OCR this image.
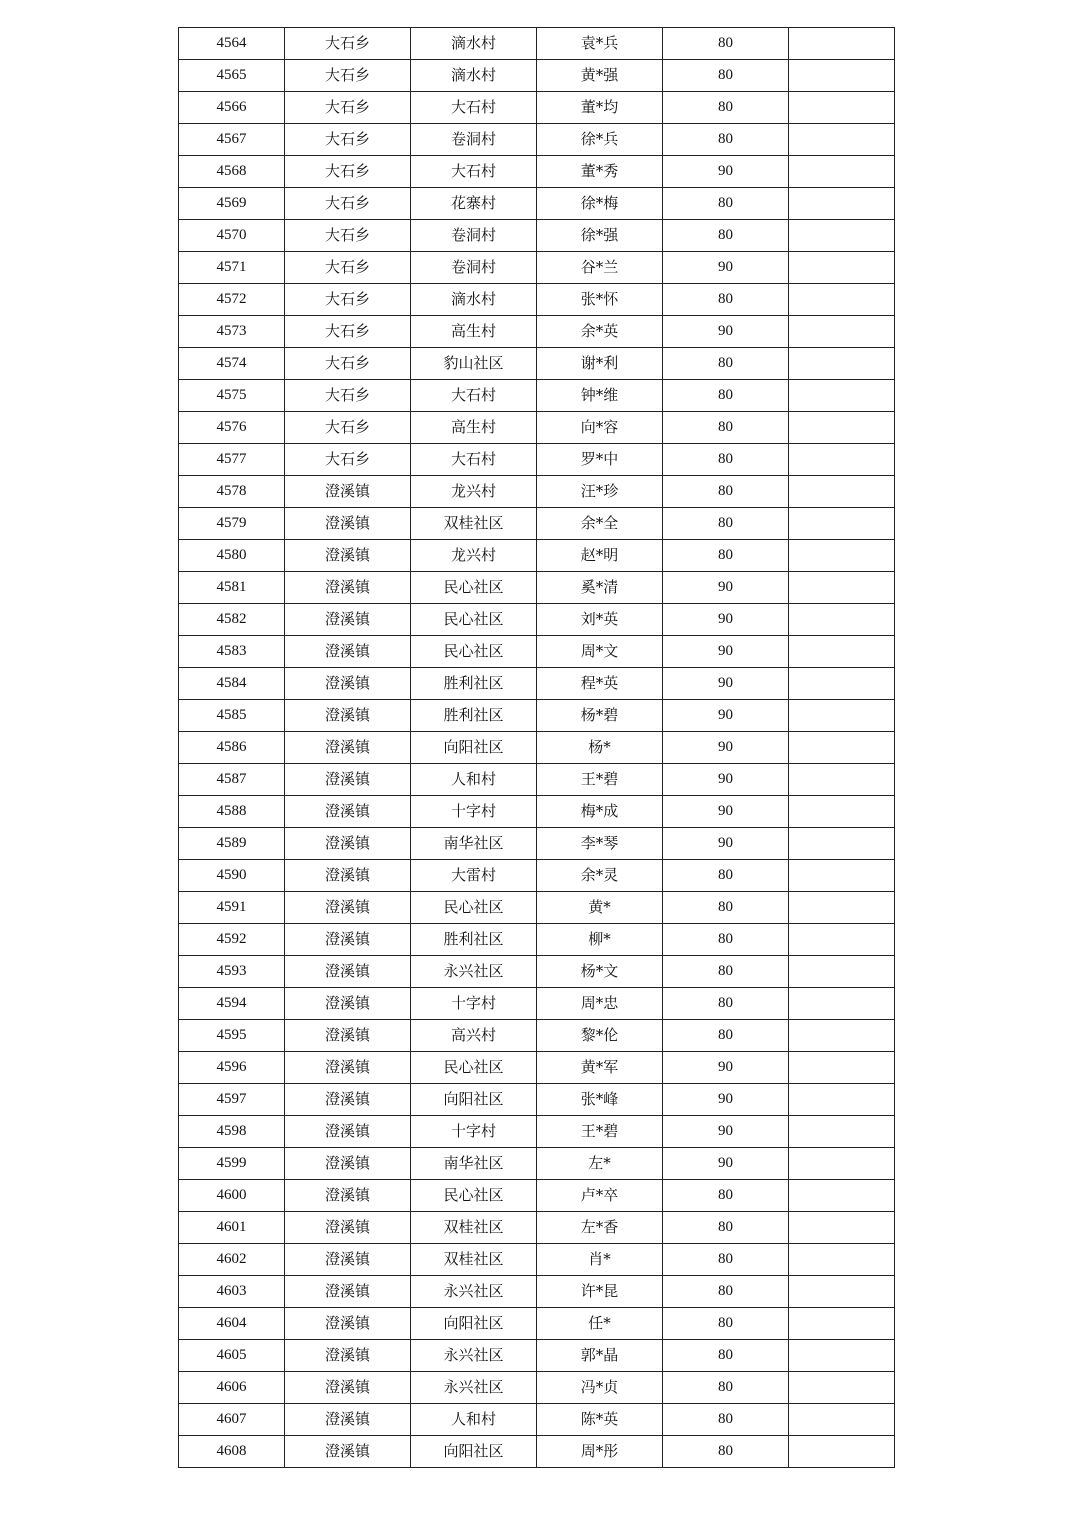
4564	大石乡	滴水村	袁*兵	80	
4565	大石乡	滴水村	黄*强	80	
4566	大石乡	大石村	董*均	80	
4567	大石乡	卷洞村	徐*兵	80	
4568	大石乡	大石村	董*秀	90	
4569	大石乡	花寨村	徐*梅	80	
4570	大石乡	卷洞村	徐*强	80	
4571	大石乡	卷洞村	谷*兰	90	
4572	大石乡	滴水村	张*怀	80	
4573	大石乡	高生村	余*英	90	
4574	大石乡	豹山社区	谢*利	80	
4575	大石乡	大石村	钟*维	80	
4576	大石乡	高生村	向*容	80	
4577	大石乡	大石村	罗*中	80	
4578	澄溪镇	龙兴村	汪*珍	80	
4579	澄溪镇	双桂社区	余*全	80	
4580	澄溪镇	龙兴村	赵*明	80	
4581	澄溪镇	民心社区	奚*清	90	
4582	澄溪镇	民心社区	刘*英	90	
4583	澄溪镇	民心社区	周*文	90	
4584	澄溪镇	胜利社区	程*英	90	
4585	澄溪镇	胜利社区	杨*碧	90	
4586	澄溪镇	向阳社区	杨*	90	
4587	澄溪镇	人和村	王*碧	90	
4588	澄溪镇	十字村	梅*成	90	
4589	澄溪镇	南华社区	李*琴	90	
4590	澄溪镇	大雷村	余*灵	80	
4591	澄溪镇	民心社区	黄*	80	
4592	澄溪镇	胜利社区	柳*	80	
4593	澄溪镇	永兴社区	杨*文	80	
4594	澄溪镇	十字村	周*忠	80	
4595	澄溪镇	高兴村	黎*伦	80	
4596	澄溪镇	民心社区	黄*军	90	
4597	澄溪镇	向阳社区	张*峰	90	
4598	澄溪镇	十字村	王*碧	90	
4599	澄溪镇	南华社区	左*	90	
4600	澄溪镇	民心社区	卢*卒	80	
4601	澄溪镇	双桂社区	左*香	80	
4602	澄溪镇	双桂社区	肖*	80	
4603	澄溪镇	永兴社区	许*昆	80	
4604	澄溪镇	向阳社区	任*	80	
4605	澄溪镇	永兴社区	郭*晶	80	
4606	澄溪镇	永兴社区	冯*贞	80	
4607	澄溪镇	人和村	陈*英	80	
4608	澄溪镇	向阳社区	周*彤	80	
